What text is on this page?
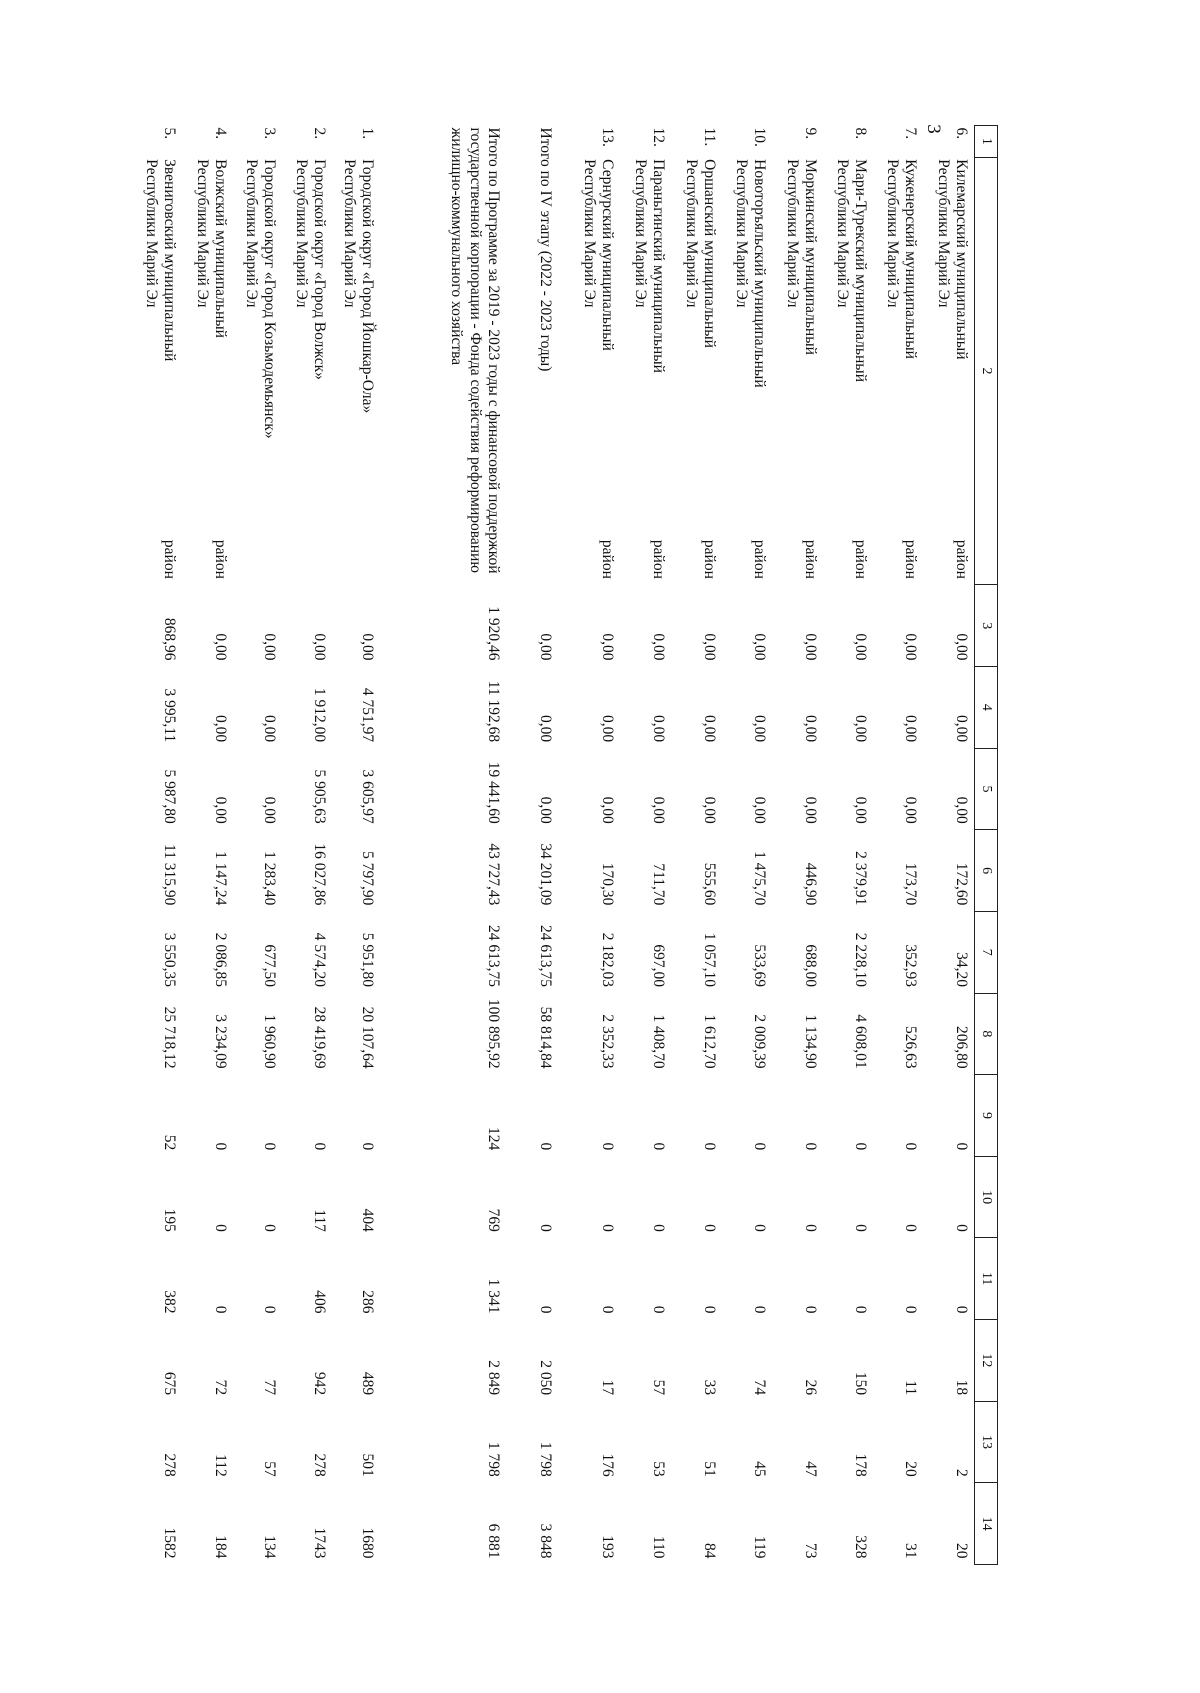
3
1	2	3	4	5	6	7	8	9	10	11	12	13	14
6.	Килемарский муниципальный
район
Республики Марий Эл	0,00	0,00	0,00	172,60	34,20	206,80	0	0	0	18	2	20
7.	Куженерский муниципальный
район
Республики Марий Эл	0,00	0,00	0,00	173,70	352,93	526,63	0	0	0	11	20	31
8.	Мари-Турекский муниципальный
район
Республики Марий Эл	0,00	0,00	0,00	2 379,91	2 228,10	4 608,01	0	0	0	150	178	328
9.	Моркинский муниципальный
район
Республики Марий Эл	0,00	0,00	0,00	446,90	688,00	1 134,90	0	0	0	26	47	73
10.	Новоторъяльский муниципальный
район
Республики Марий Эл	0,00	0,00	0,00	1 475,70	533,69	2 009,39	0	0	0	74	45	119
11.	Оршанский муниципальный
район
Республики Марий Эл	0,00	0,00	0,00	555,60	1 057,10	1 612,70	0	0	0	33	51	84
12.	Параньгинский муниципальный
район
Республики Марий Эл	0,00	0,00	0,00	711,70	697,00	1 408,70	0	0	0	57	53	110
13.	Сернурский муниципальный
район
Республики Марий Эл	0,00	0,00	0,00	170,30	2 182,03	2 352,33	0	0	0	17	176	193
Итого по IV этапу (2022 - 2023 годы)		0,00	0,00	0,00	34 201,09	24 613,75	58 814,84	0	0	0	2 050	1 798	3 848
Итого по Программе за 2019 - 2023 годы с финансовой поддержкой государственной корпорации - Фонда содействия реформированию жилищно-коммунального хозяйства		1 920,46	11 192,68	19 441,60	43 727,43	24 613,75	100 895,92	124	769	1 341	2 849	1 798	6 881
1.	Городской округ «Город Йошкар-Ола»
Республики Марий Эл	0,00	4 751,97	3 605,97	5 797,90	5 951,80	20 107,64	0	404	286	489	501	1680
2.	Городской округ «Город Волжск»
Республики Марий Эл	0,00	1 912,00	5 905,63	16 027,86	4 574,20	28 419,69	0	117	406	942	278	1743
3.	Городской округ «Город Козьмодемьянск»
Республики Марий Эл	0,00	0,00	0,00	1 283,40	677,50	1 960,90	0	0	0	77	57	134
4.	Волжский муниципальный
район
Республики Марий Эл	0,00	0,00	0,00	1 147,24	2 086,85	3 234,09	0	0	0	72	112	184
5.	Звениговский муниципальный
район
Республики Марий Эл	868,96	3 995,11	5 987,80	11 315,90	3 550,35	25 718,12	52	195	382	675	278	1582
